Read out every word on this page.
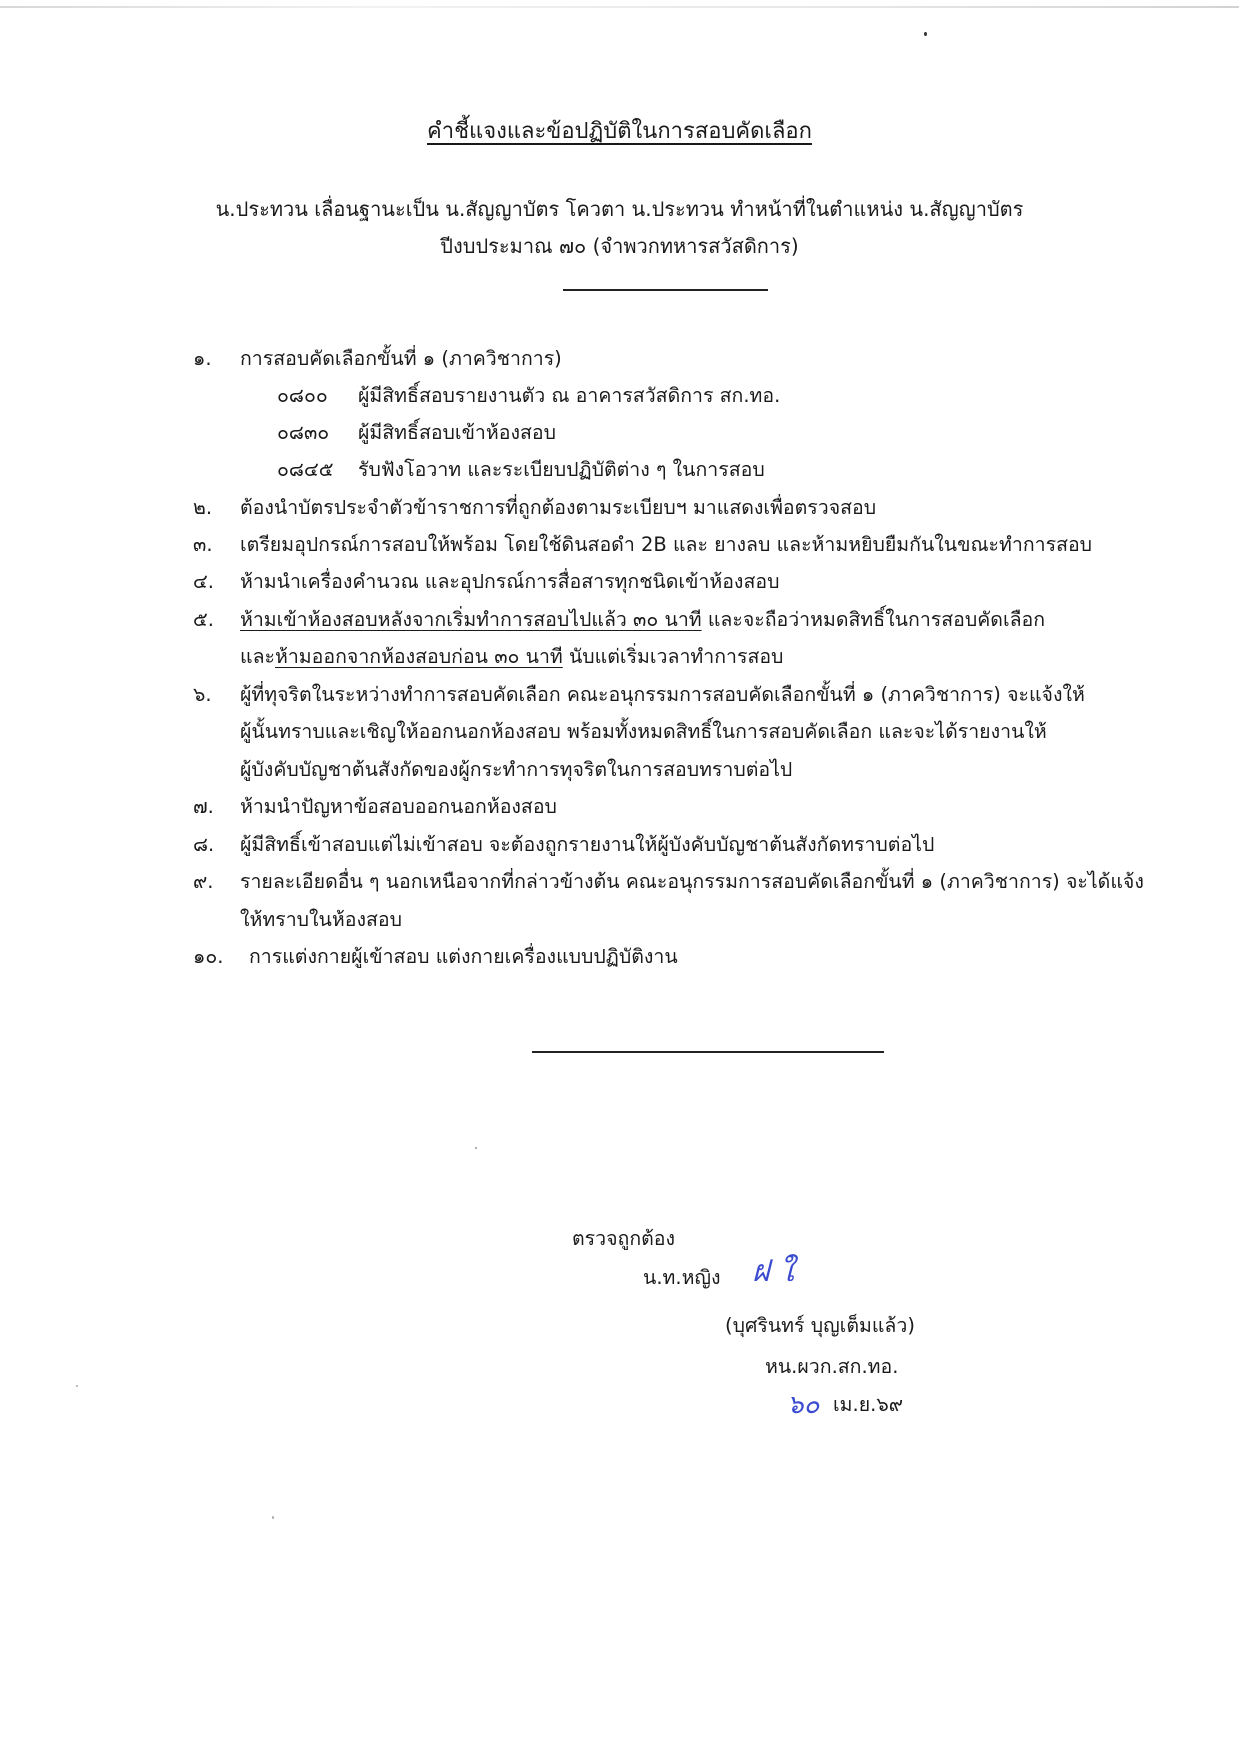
คำชี้แจงและข้อปฏิบัติในการสอบคัดเลือก
น.ประทวน เลื่อนฐานะเป็น น.สัญญาบัตร โควตา น.ประทวน ทำหน้าที่ในตำแหน่ง น.สัญญาบัตร
ปีงบประมาณ ๗๐ (จำพวกทหารสวัสดิการ)
๑. การสอบคัดเลือกขั้นที่ ๑ (ภาควิชาการ)
๐๘๐๐ ผู้มีสิทธิ์สอบรายงานตัว ณ อาคารสวัสดิการ สก.ทอ.
๐๘๓๐ ผู้มีสิทธิ์สอบเข้าห้องสอบ
๐๘๔๕ รับฟังโอวาท และระเบียบปฏิบัติต่าง ๆ ในการสอบ
๒. ต้องนำบัตรประจำตัวข้าราชการที่ถูกต้องตามระเบียบฯ มาแสดงเพื่อตรวจสอบ
๓. เตรียมอุปกรณ์การสอบให้พร้อม โดยใช้ดินสอดำ 2B และ ยางลบ และห้ามหยิบยืมกันในขณะทำการสอบ
๔. ห้ามนำเครื่องคำนวณ และอุปกรณ์การสื่อสารทุกชนิดเข้าห้องสอบ
๕. ห้ามเข้าห้องสอบหลังจากเริ่มทำการสอบไปแล้ว ๓๐ นาที และจะถือว่าหมดสิทธิ์ในการสอบคัดเลือก
และห้ามออกจากห้องสอบก่อน ๓๐ นาที นับแต่เริ่มเวลาทำการสอบ
๖. ผู้ที่ทุจริตในระหว่างทำการสอบคัดเลือก คณะอนุกรรมการสอบคัดเลือกขั้นที่ ๑ (ภาควิชาการ) จะแจ้งให้
ผู้นั้นทราบและเชิญให้ออกนอกห้องสอบ พร้อมทั้งหมดสิทธิ์ในการสอบคัดเลือก และจะได้รายงานให้
ผู้บังคับบัญชาต้นสังกัดของผู้กระทำการทุจริตในการสอบทราบต่อไป
๗. ห้ามนำปัญหาข้อสอบออกนอกห้องสอบ
๘. ผู้มีสิทธิ์เข้าสอบแต่ไม่เข้าสอบ จะต้องถูกรายงานให้ผู้บังคับบัญชาต้นสังกัดทราบต่อไป
๙. รายละเอียดอื่น ๆ นอกเหนือจากที่กล่าวข้างต้น คณะอนุกรรมการสอบคัดเลือกขั้นที่ ๑ (ภาควิชาการ) จะได้แจ้ง
ให้ทราบในห้องสอบ
๑๐. การแต่งกายผู้เข้าสอบ แต่งกายเครื่องแบบปฏิบัติงาน
ตรวจถูกต้อง
น.ท.หญิง ฝ ใ
(บุศรินทร์ บุญเต็มแล้ว)
หน.ผวก.สก.ทอ.
๖๐ เม.ย.๖๙
